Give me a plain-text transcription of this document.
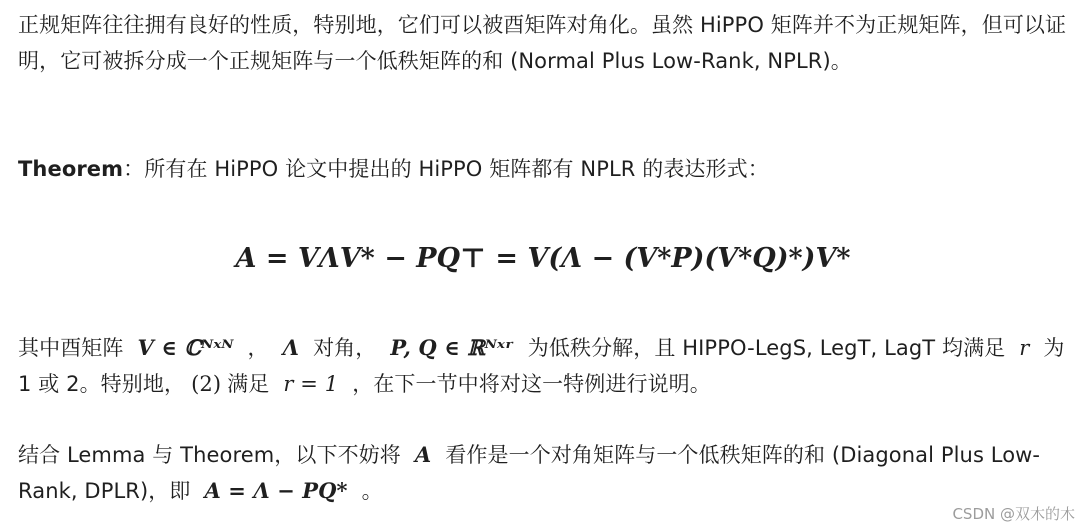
正规矩阵往往拥有良好的性质，特别地，它们可以被酉矩阵对角化。虽然 HiPPO 矩阵并不为正规矩阵，但可以证明，它可被拆分成一个正规矩阵与一个低秩矩阵的和 (Normal Plus Low-Rank, NPLR)。

Theorem：所有在 HiPPO 论文中提出的 HiPPO 矩阵都有 NPLR 的表达形式：

A = VΛV* − PQ⊤ = V(Λ − (V*P)(V*Q)*)V*

其中酉矩阵 V ∈ ℂᴺˣᴺ ， Λ 对角， P, Q ∈ ℝᴺˣʳ 为低秩分解，且 HIPPO-LegS, LegT, LagT 均满足 r 为 1 或 2。特别地， (2) 满足 r = 1 ，在下一节中将对这一特例进行说明。

结合 Lemma 与 Theorem，以下不妨将 A 看作是一个对角矩阵与一个低秩矩阵的和 (Diagonal Plus Low-Rank, DPLR)，即 A = Λ − PQ* 。

CSDN @双木的木
